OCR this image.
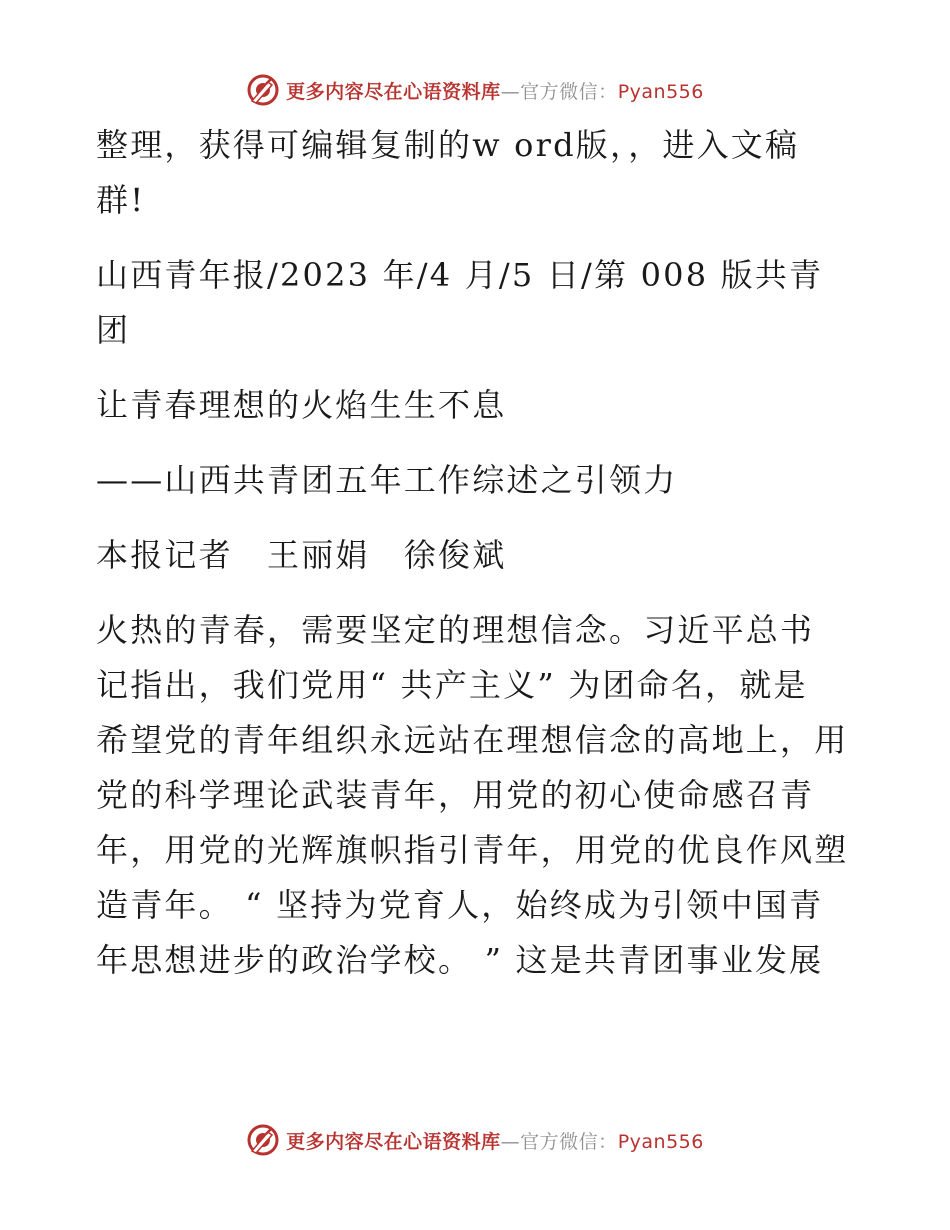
更多内容尽在心语资料库—官方微信：Pyan556
整理，获得可编辑复制的w ord版，，进入文稿
群!
山西青年报/2023 年/4 月/5 日/第 008 版共青
团
让青春理想的火焰生生不息
——山西共青团五年工作综述之引领力
本报记者　王丽娟　徐俊斌
火热的青春，需要坚定的理想信念。习近平总书
记指出，我们党用“ 共产主义” 为团命名，就是
希望党的青年组织永远站在理想信念的高地上，用
党的科学理论武装青年，用党的初心使命感召青
年，用党的光辉旗帜指引青年，用党的优良作风塑
造青年。 “ 坚持为党育人，始终成为引领中国青
年思想进步的政治学校。 ” 这是共青团事业发展
更多内容尽在心语资料库—官方微信：Pyan556
